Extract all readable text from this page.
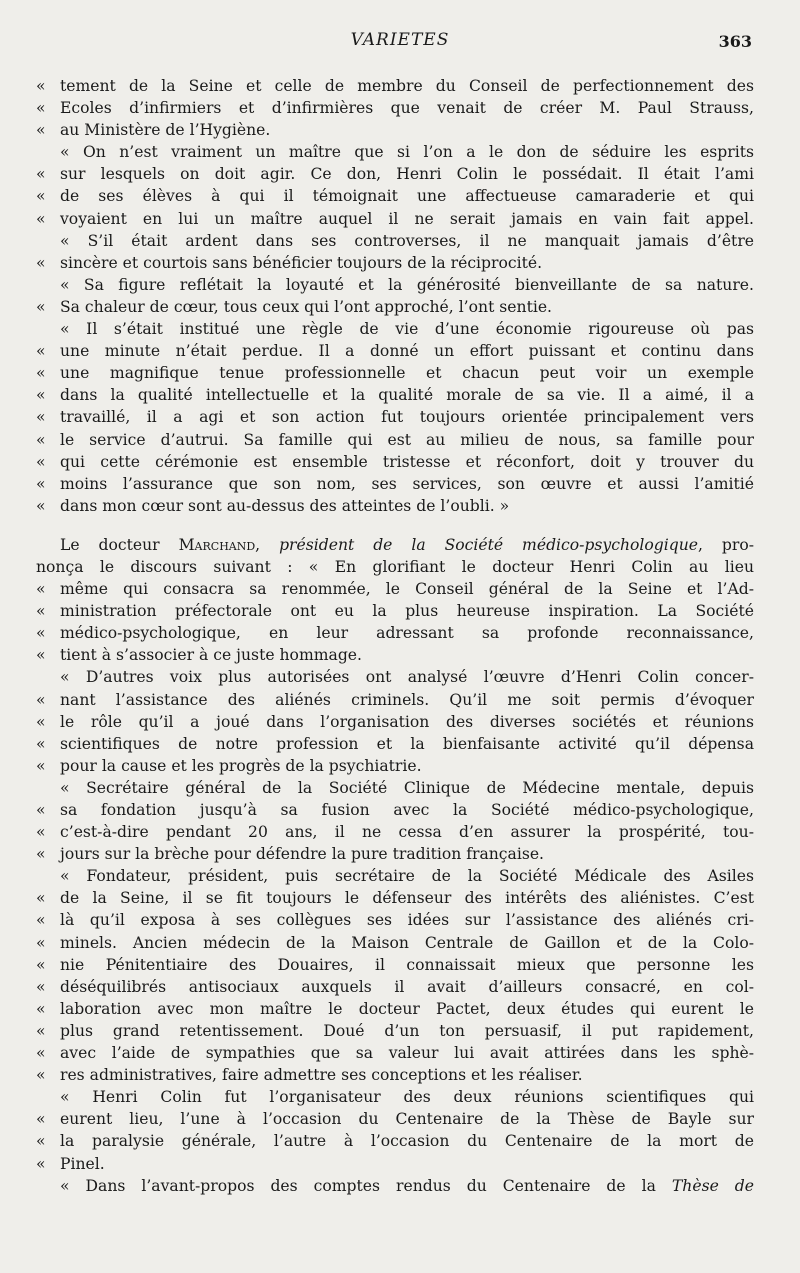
VARIETES	363
« tement de la Seine et celle de membre du Conseil de perfectionnement des
« Ecoles d’infirmiers et d’infirmières que venait de créer M. Paul Strauss,
« au Ministère de l’Hygiène.
« On n’est vraiment un maître que si l’on a le don de séduire les esprits
« sur lesquels on doit agir. Ce don, Henri Colin le possédait. Il était l’ami
« de ses élèves à qui il témoignait une affectueuse camaraderie et qui
« voyaient en lui un maître auquel il ne serait jamais en vain fait appel.
« S’il était ardent dans ses controverses, il ne manquait jamais d’être
« sincère et courtois sans bénéficier toujours de la réciprocité.
« Sa figure reflétait la loyauté et la générosité bienveillante de sa nature.
« Sa chaleur de cœur, tous ceux qui l’ont approché, l’ont sentie.
« Il s’était institué une règle de vie d’une économie rigoureuse où pas
« une minute n’était perdue. Il a donné un effort puissant et continu dans
« une magnifique tenue professionnelle et chacun peut voir un exemple
« dans la qualité intellectuelle et la qualité morale de sa vie. Il a aimé, il a
« travaillé, il a agi et son action fut toujours orientée principalement vers
« le service d’autrui. Sa famille qui est au milieu de nous, sa famille pour
« qui cette cérémonie est ensemble tristesse et réconfort, doit y trouver du
« moins l’assurance que son nom, ses services, son œuvre et aussi l’amitié
« dans mon cœur sont au-dessus des atteintes de l’oubli. »
Le docteur Marchand, président de la Société médico-psychologique, pro-
nonça le discours suivant : « En glorifiant le docteur Henri Colin au lieu
« même qui consacra sa renommée, le Conseil général de la Seine et l’Ad-
« ministration préfectorale ont eu la plus heureuse inspiration. La Société
« médico-psychologique, en leur adressant sa profonde reconnaissance,
« tient à s’associer à ce juste hommage.
« D’autres voix plus autorisées ont analysé l’œuvre d’Henri Colin concer-
« nant l’assistance des aliénés criminels. Qu’il me soit permis d’évoquer
« le rôle qu’il a joué dans l’organisation des diverses sociétés et réunions
« scientifiques de notre profession et la bienfaisante activité qu’il dépensa
« pour la cause et les progrès de la psychiatrie.
« Secrétaire général de la Société Clinique de Médecine mentale, depuis
« sa fondation jusqu’à sa fusion avec la Société médico-psychologique,
« c’est-à-dire pendant 20 ans, il ne cessa d’en assurer la prospérité, tou-
« jours sur la brèche pour défendre la pure tradition française.
« Fondateur, président, puis secrétaire de la Société Médicale des Asiles
« de la Seine, il se fit toujours le défenseur des intérêts des aliénistes. C’est
« là qu’il exposa à ses collègues ses idées sur l’assistance des aliénés cri-
« minels. Ancien médecin de la Maison Centrale de Gaillon et de la Colo-
« nie Pénitentiaire des Douaires, il connaissait mieux que personne les
« déséquilibrés antisociaux auxquels il avait d’ailleurs consacré, en col-
« laboration avec mon maître le docteur Pactet, deux études qui eurent le
« plus grand retentissement. Doué d’un ton persuasif, il put rapidement,
« avec l’aide de sympathies que sa valeur lui avait attirées dans les sphè-
« res administratives, faire admettre ses conceptions et les réaliser.
« Henri Colin fut l’organisateur des deux réunions scientifiques qui
« eurent lieu, l’une à l’occasion du Centenaire de la Thèse de Bayle sur
« la paralysie générale, l’autre à l’occasion du Centenaire de la mort de
« Pinel.
« Dans l’avant-propos des comptes rendus du Centenaire de la Thèse de
